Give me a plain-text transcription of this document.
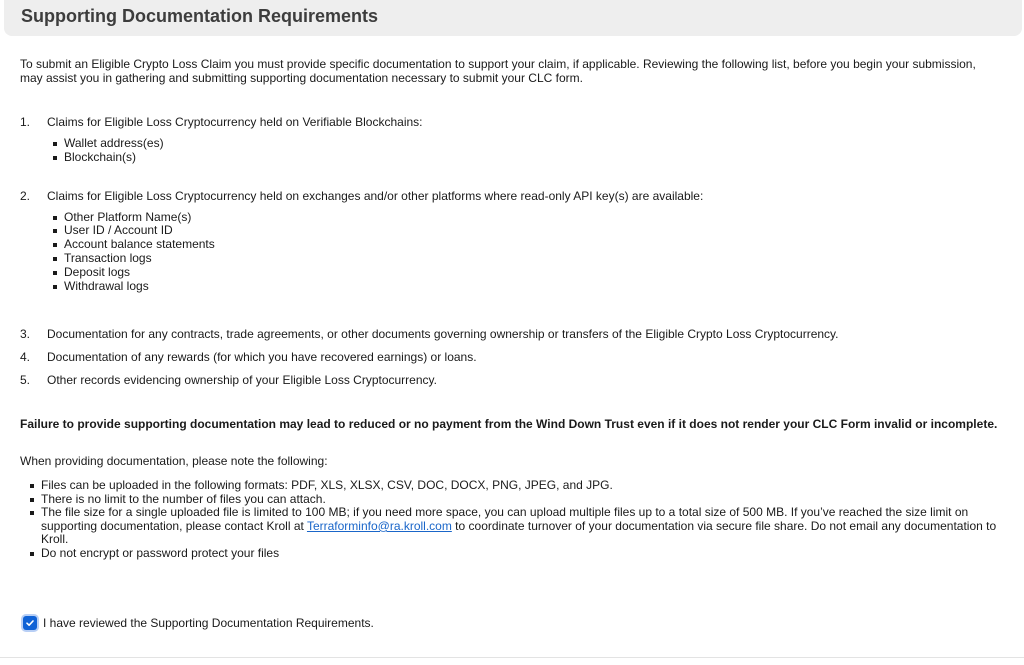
Supporting Documentation Requirements

To submit an Eligible Crypto Loss Claim you must provide specific documentation to support your claim, if applicable. Reviewing the following list, before you begin your submission, may assist you in gathering and submitting supporting documentation necessary to submit your CLC form.

1. Claims for Eligible Loss Cryptocurrency held on Verifiable Blockchains:
Wallet address(es)
Blockchain(s)
2. Claims for Eligible Loss Cryptocurrency held on exchanges and/or other platforms where read-only API key(s) are available:
Other Platform Name(s)
User ID / Account ID
Account balance statements
Transaction logs
Deposit logs
Withdrawal logs
3. Documentation for any contracts, trade agreements, or other documents governing ownership or transfers of the Eligible Crypto Loss Cryptocurrency.
4. Documentation of any rewards (for which you have recovered earnings) or loans.
5. Other records evidencing ownership of your Eligible Loss Cryptocurrency.

Failure to provide supporting documentation may lead to reduced or no payment from the Wind Down Trust even if it does not render your CLC Form invalid or incomplete.

When providing documentation, please note the following:

Files can be uploaded in the following formats: PDF, XLS, XLSX, CSV, DOC, DOCX, PNG, JPEG, and JPG.
There is no limit to the number of files you can attach.
The file size for a single uploaded file is limited to 100 MB; if you need more space, you can upload multiple files up to a total size of 500 MB. If you’ve reached the size limit on supporting documentation, please contact Kroll at Terraforminfo@ra.kroll.com to coordinate turnover of your documentation via secure file share. Do not email any documentation to Kroll.
Do not encrypt or password protect your files
I have reviewed the Supporting Documentation Requirements.
